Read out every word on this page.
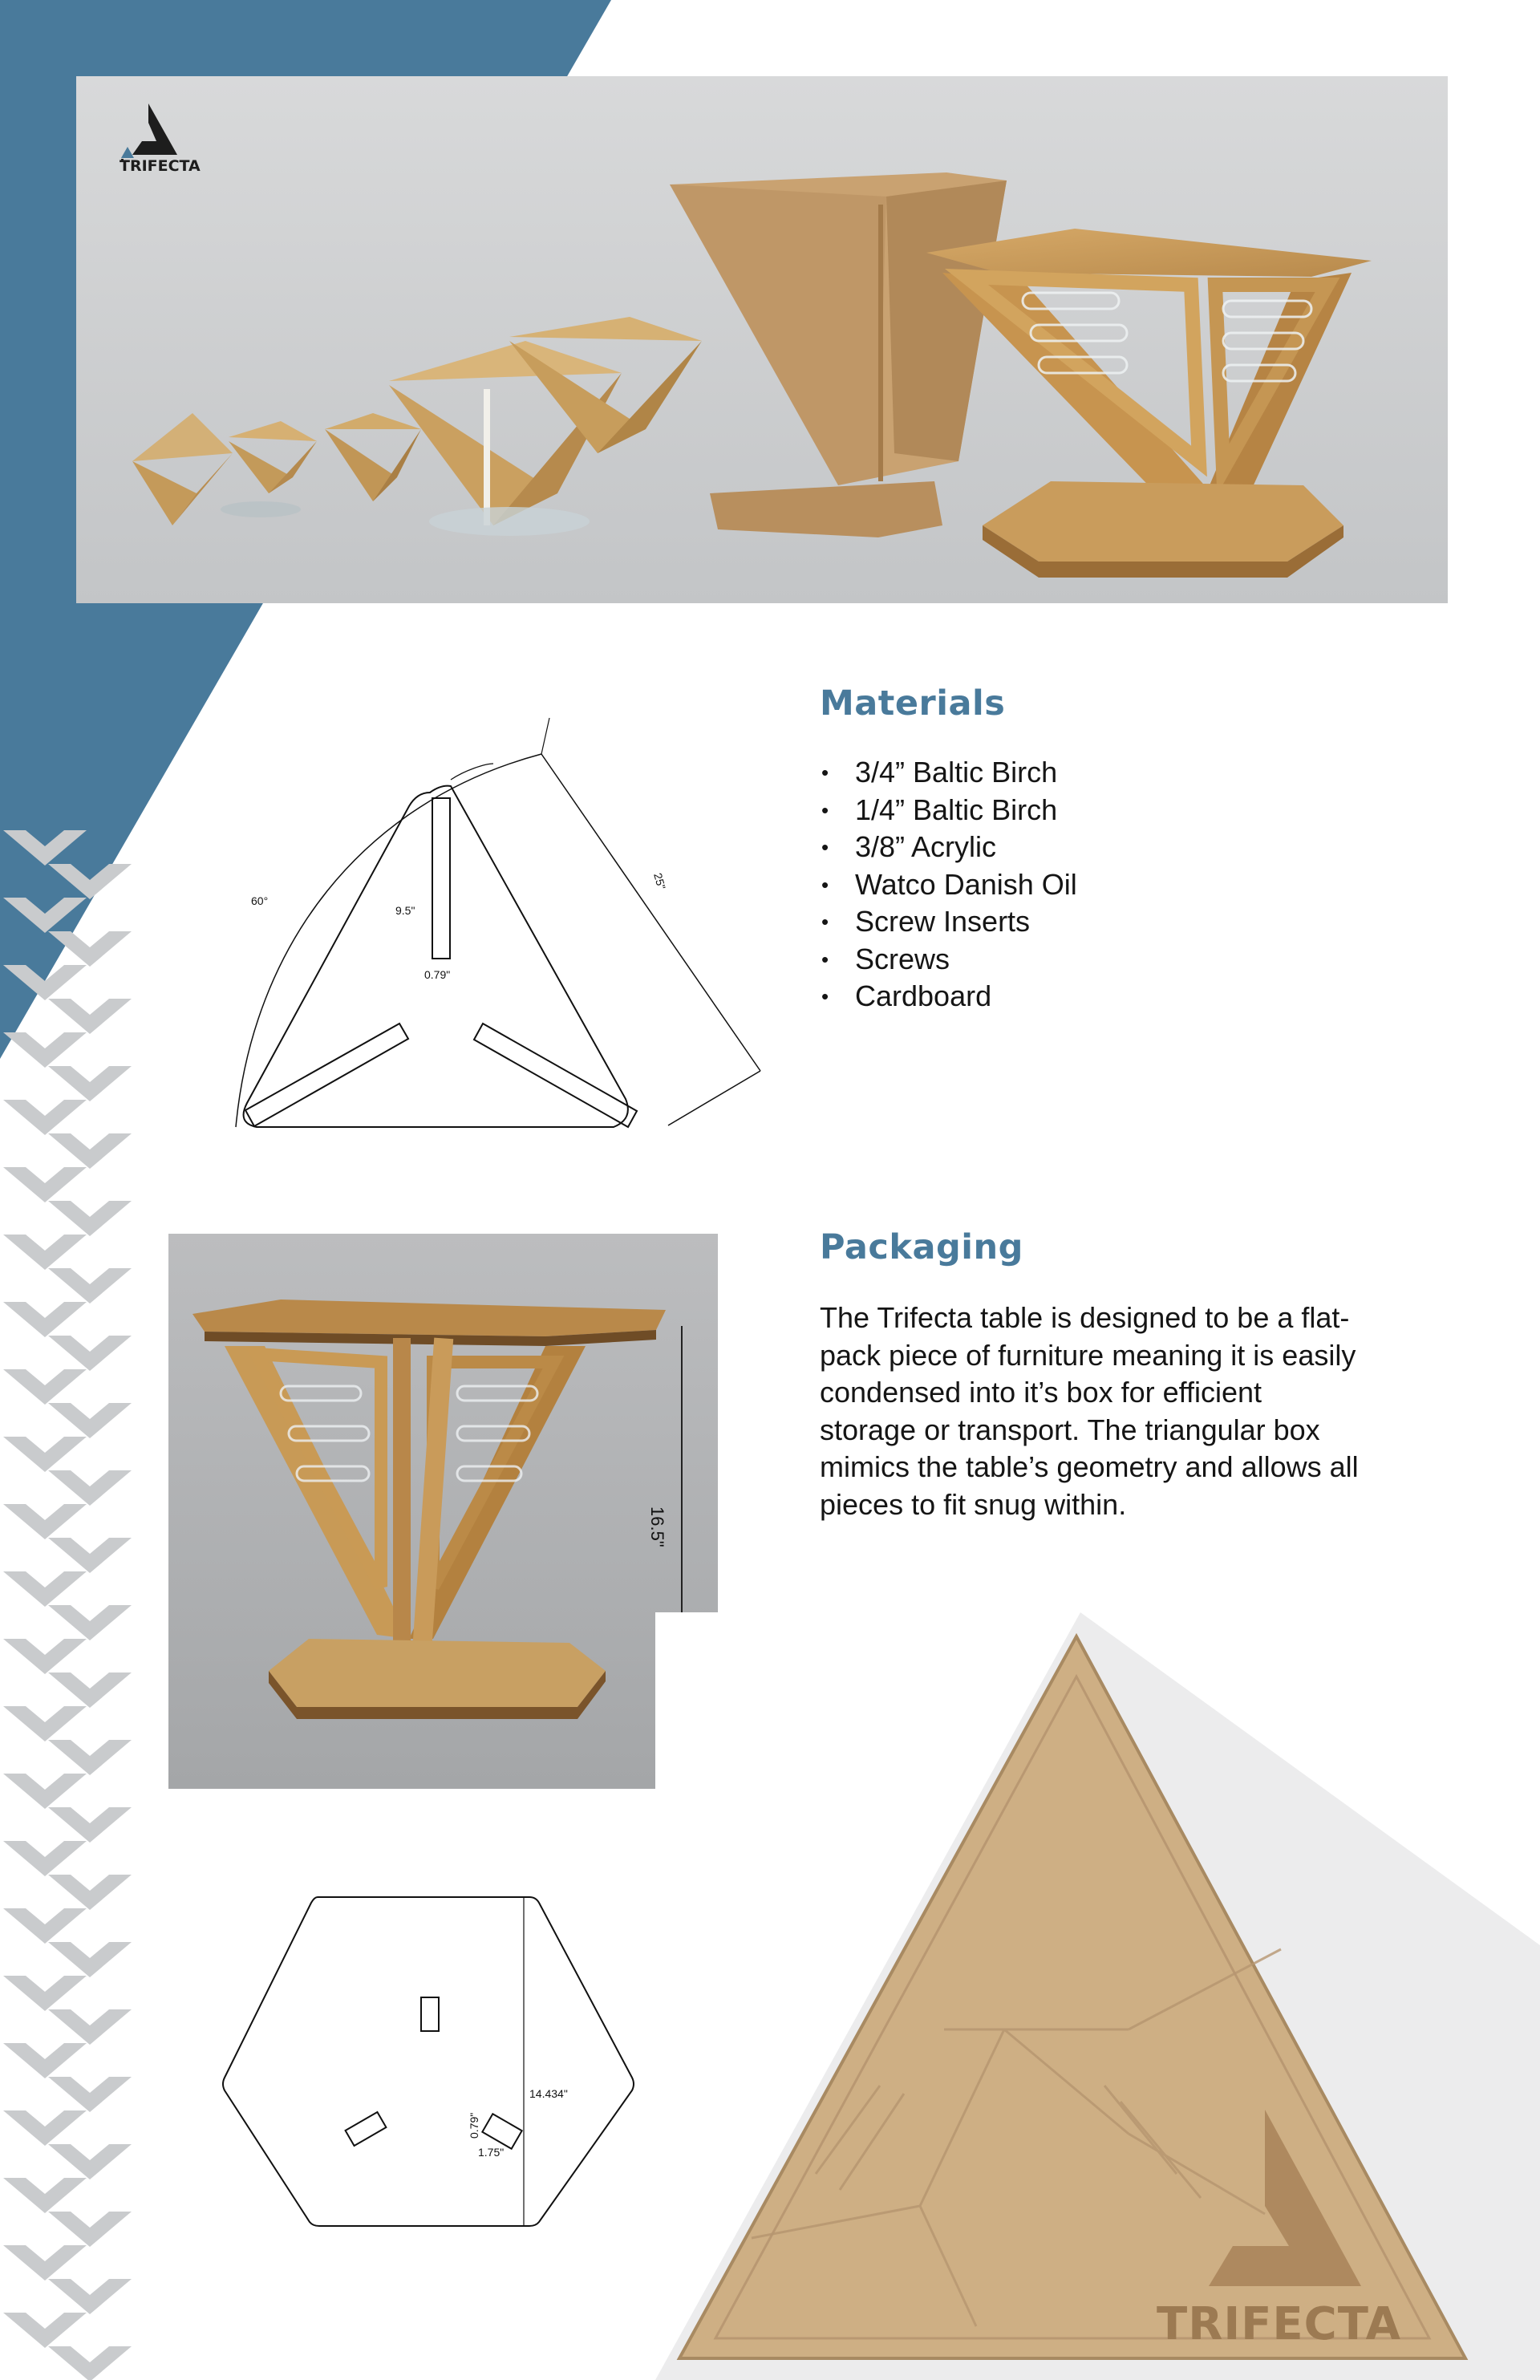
TRIFECTA
60°
25"
9.5"
0.79"
Materials
• 3/4” Baltic Birch
• 1/4” Baltic Birch
• 3/8” Acrylic
• Watco Danish Oil
• Screw Inserts
• Screws
• Cardboard
16.5"
Packaging

The Trifecta table is designed to be a flat-pack piece of furniture meaning it is easily condensed into it’s box for efficient storage or transport. The triangular box mimics the table’s geometry and allows all pieces to fit snug within.

14.434"
0.79"
1.75"
TRIFECTA
